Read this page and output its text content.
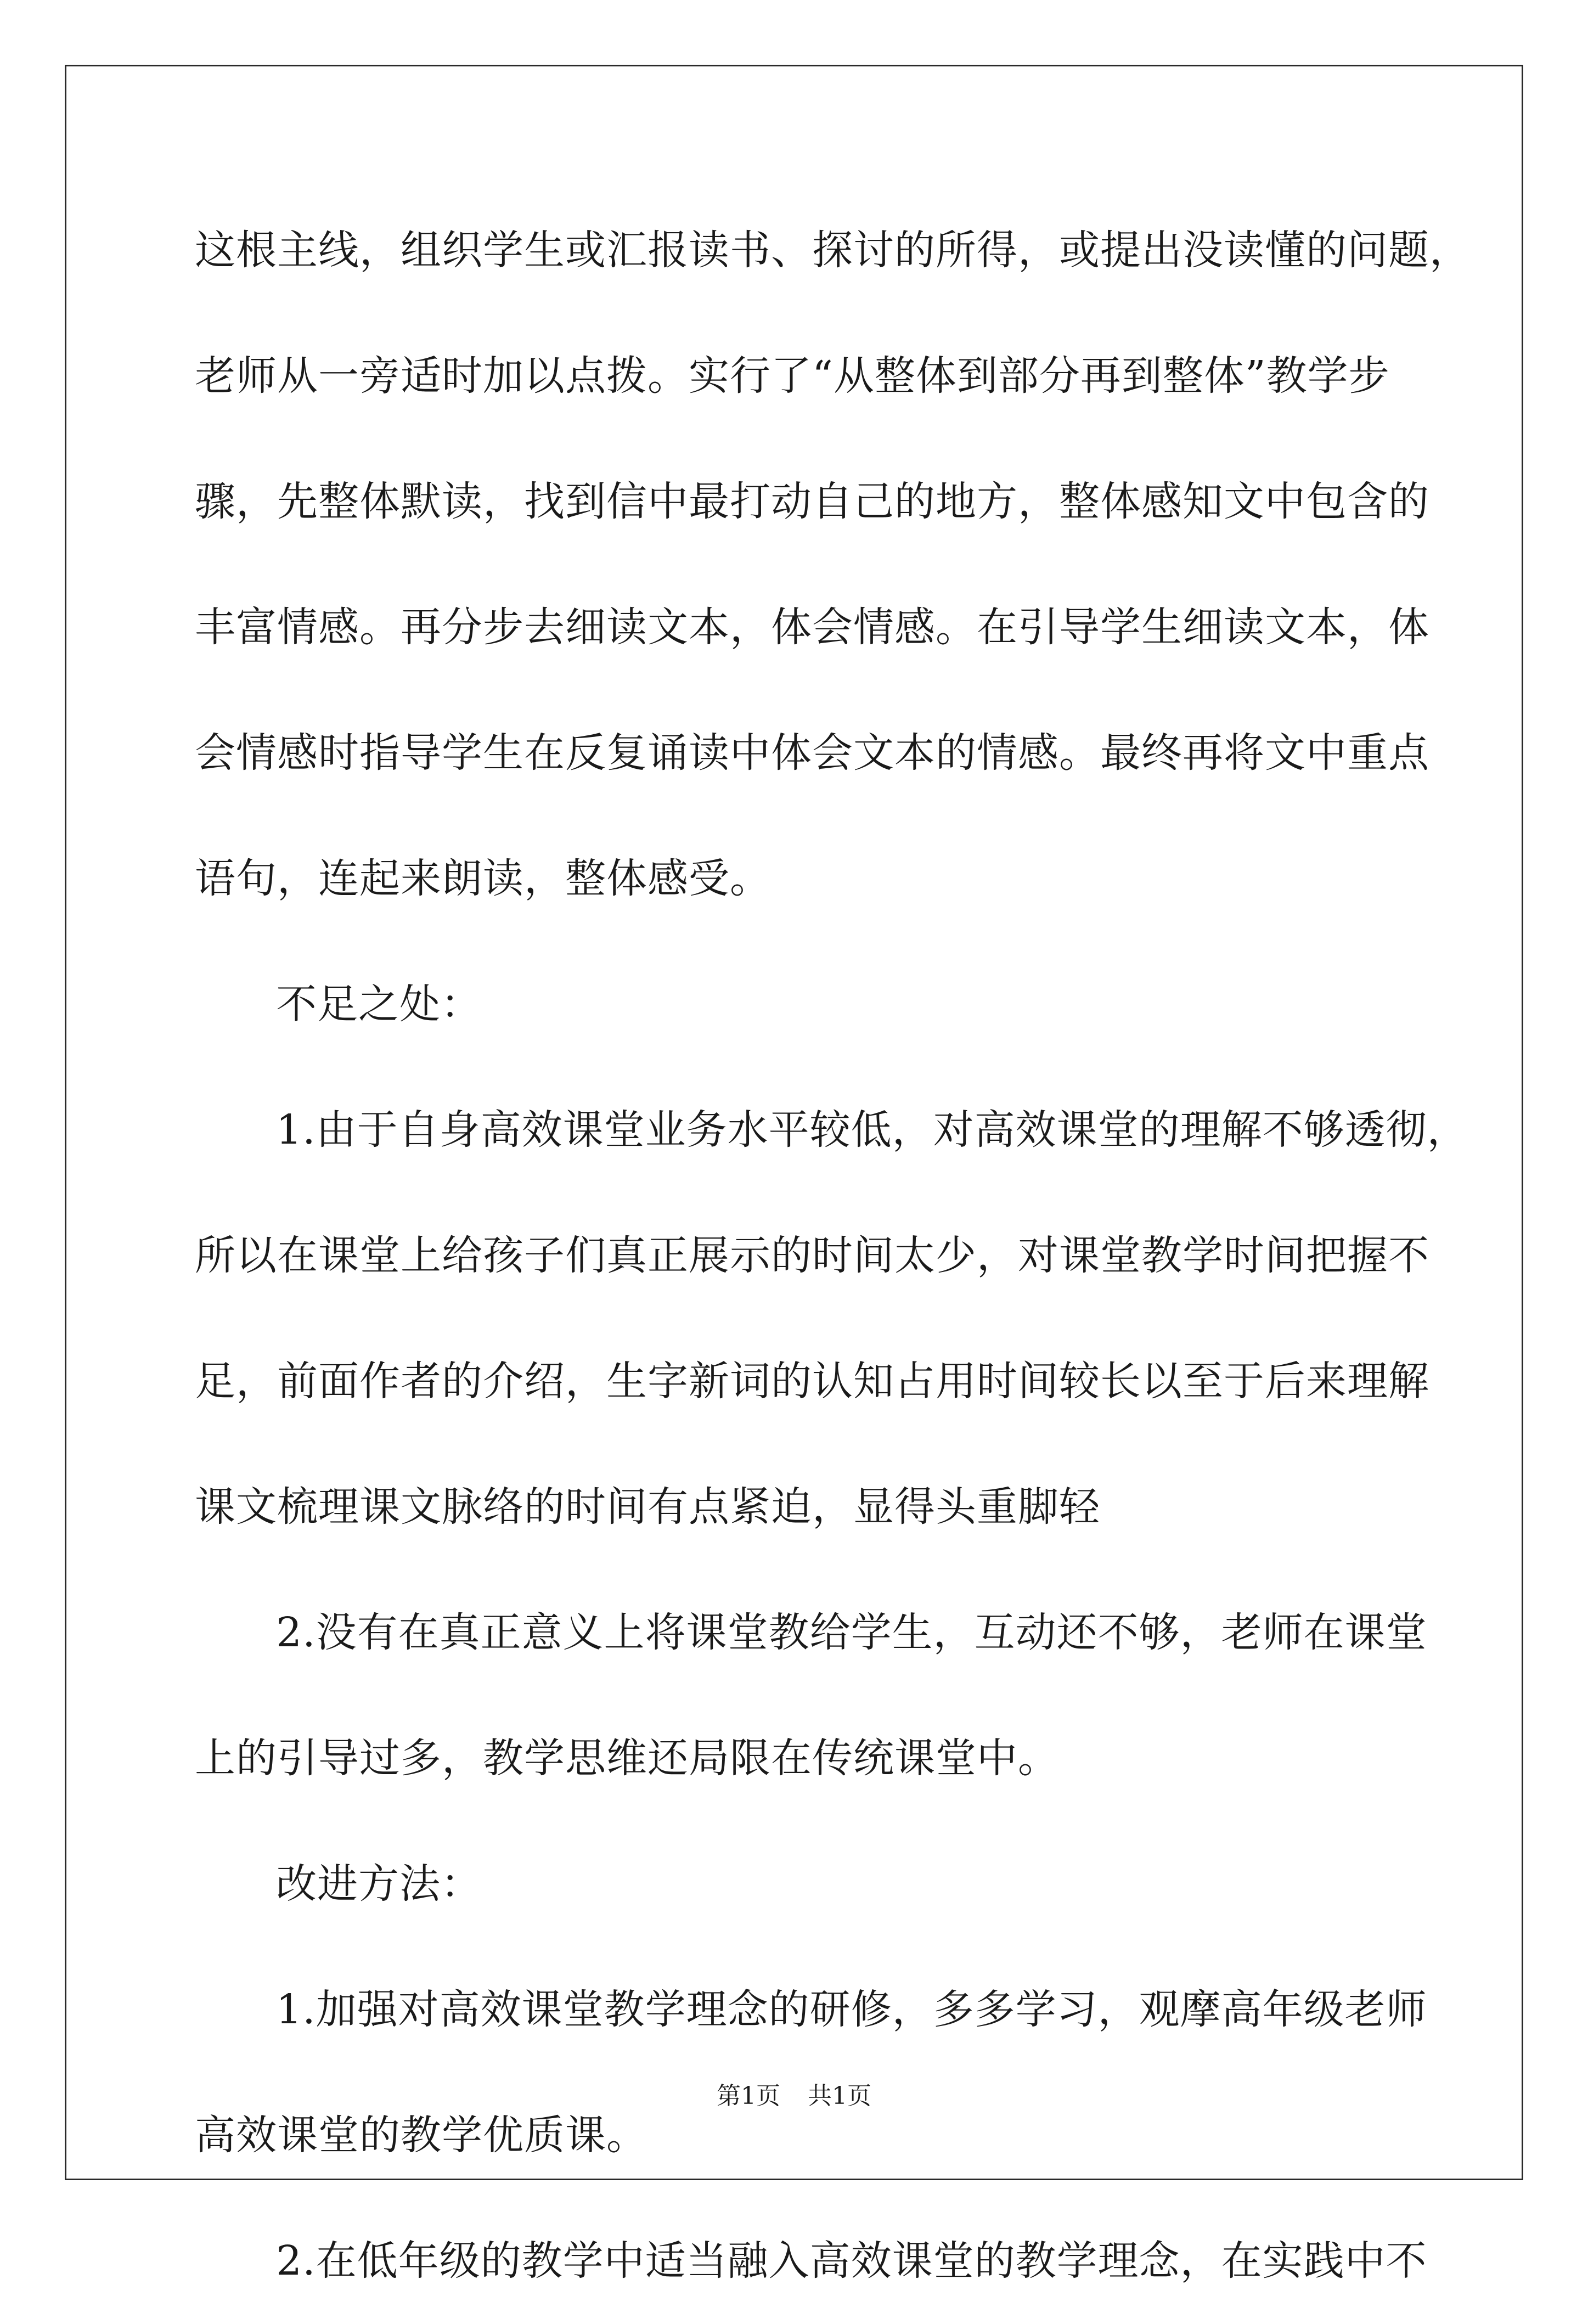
这根主线，组织学生或汇报读书、探讨的所得，或提出没读懂的问题，
老师从一旁适时加以点拨。实行了“从整体到部分再到整体”教学步
骤，先整体默读，找到信中最打动自己的地方，整体感知文中包含的
丰富情感。再分步去细读文本，体会情感。在引导学生细读文本，体
会情感时指导学生在反复诵读中体会文本的情感。最终再将文中重点
语句，连起来朗读，整体感受。
不足之处：
1.由于自身高效课堂业务水平较低，对高效课堂的理解不够透彻，
所以在课堂上给孩子们真正展示的时间太少，对课堂教学时间把握不
足，前面作者的介绍，生字新词的认知占用时间较长以至于后来理解
课文梳理课文脉络的时间有点紧迫，显得头重脚轻
2.没有在真正意义上将课堂教给学生，互动还不够，老师在课堂
上的引导过多，教学思维还局限在传统课堂中。
改进方法：
1.加强对高效课堂教学理念的研修，多多学习，观摩高年级老师
高效课堂的教学优质课。
2.在低年级的教学中适当融入高效课堂的教学理念，在实践中不
第1页 共1页
